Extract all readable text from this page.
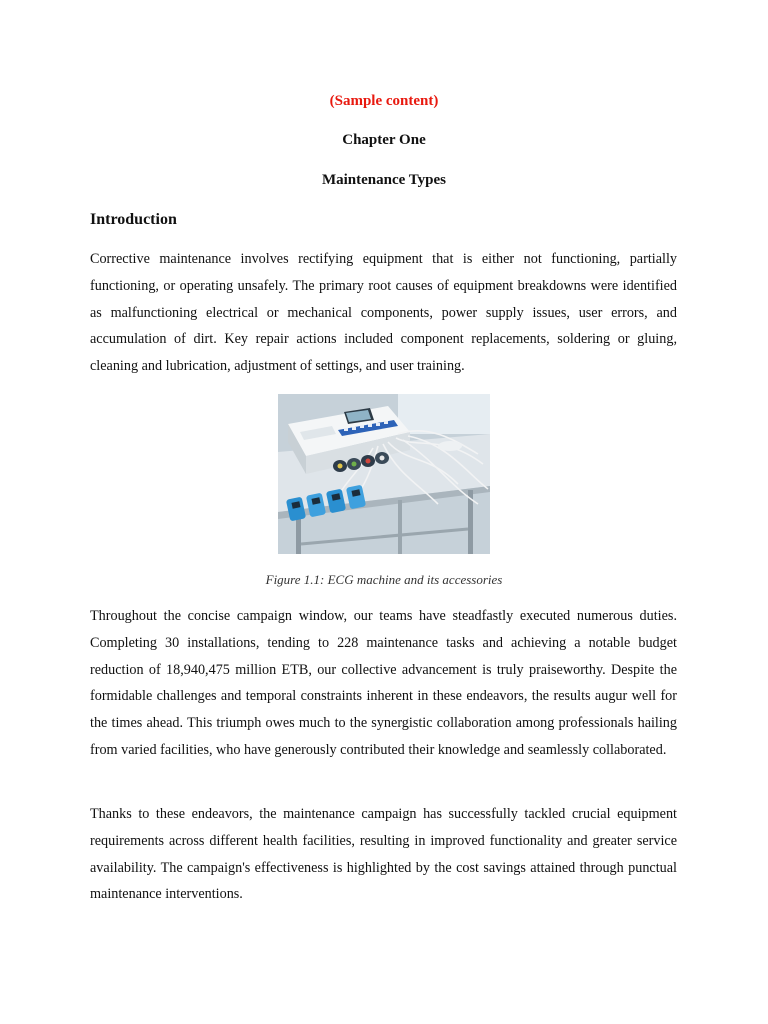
(Sample content)
Chapter One
Maintenance Types
Introduction

Corrective maintenance involves rectifying equipment that is either not functioning, partially functioning, or operating unsafely. The primary root causes of equipment breakdowns were identified as malfunctioning electrical or mechanical components, power supply issues, user errors, and accumulation of dirt. Key repair actions included component replacements, soldering or gluing, cleaning and lubrication, adjustment of settings, and user training.

Figure 1.1: ECG machine and its accessories

Throughout the concise campaign window, our teams have steadfastly executed numerous duties. Completing 30 installations, tending to 228 maintenance tasks and achieving a notable budget reduction of 18,940,475 million ETB, our collective advancement is truly praiseworthy. Despite the formidable challenges and temporal constraints inherent in these endeavors, the results augur well for the times ahead. This triumph owes much to the synergistic collaboration among professionals hailing from varied facilities, who have generously contributed their knowledge and seamlessly collaborated.

Thanks to these endeavors, the maintenance campaign has successfully tackled crucial equipment requirements across different health facilities, resulting in improved functionality and greater service availability. The campaign's effectiveness is highlighted by the cost savings attained through punctual maintenance interventions.
